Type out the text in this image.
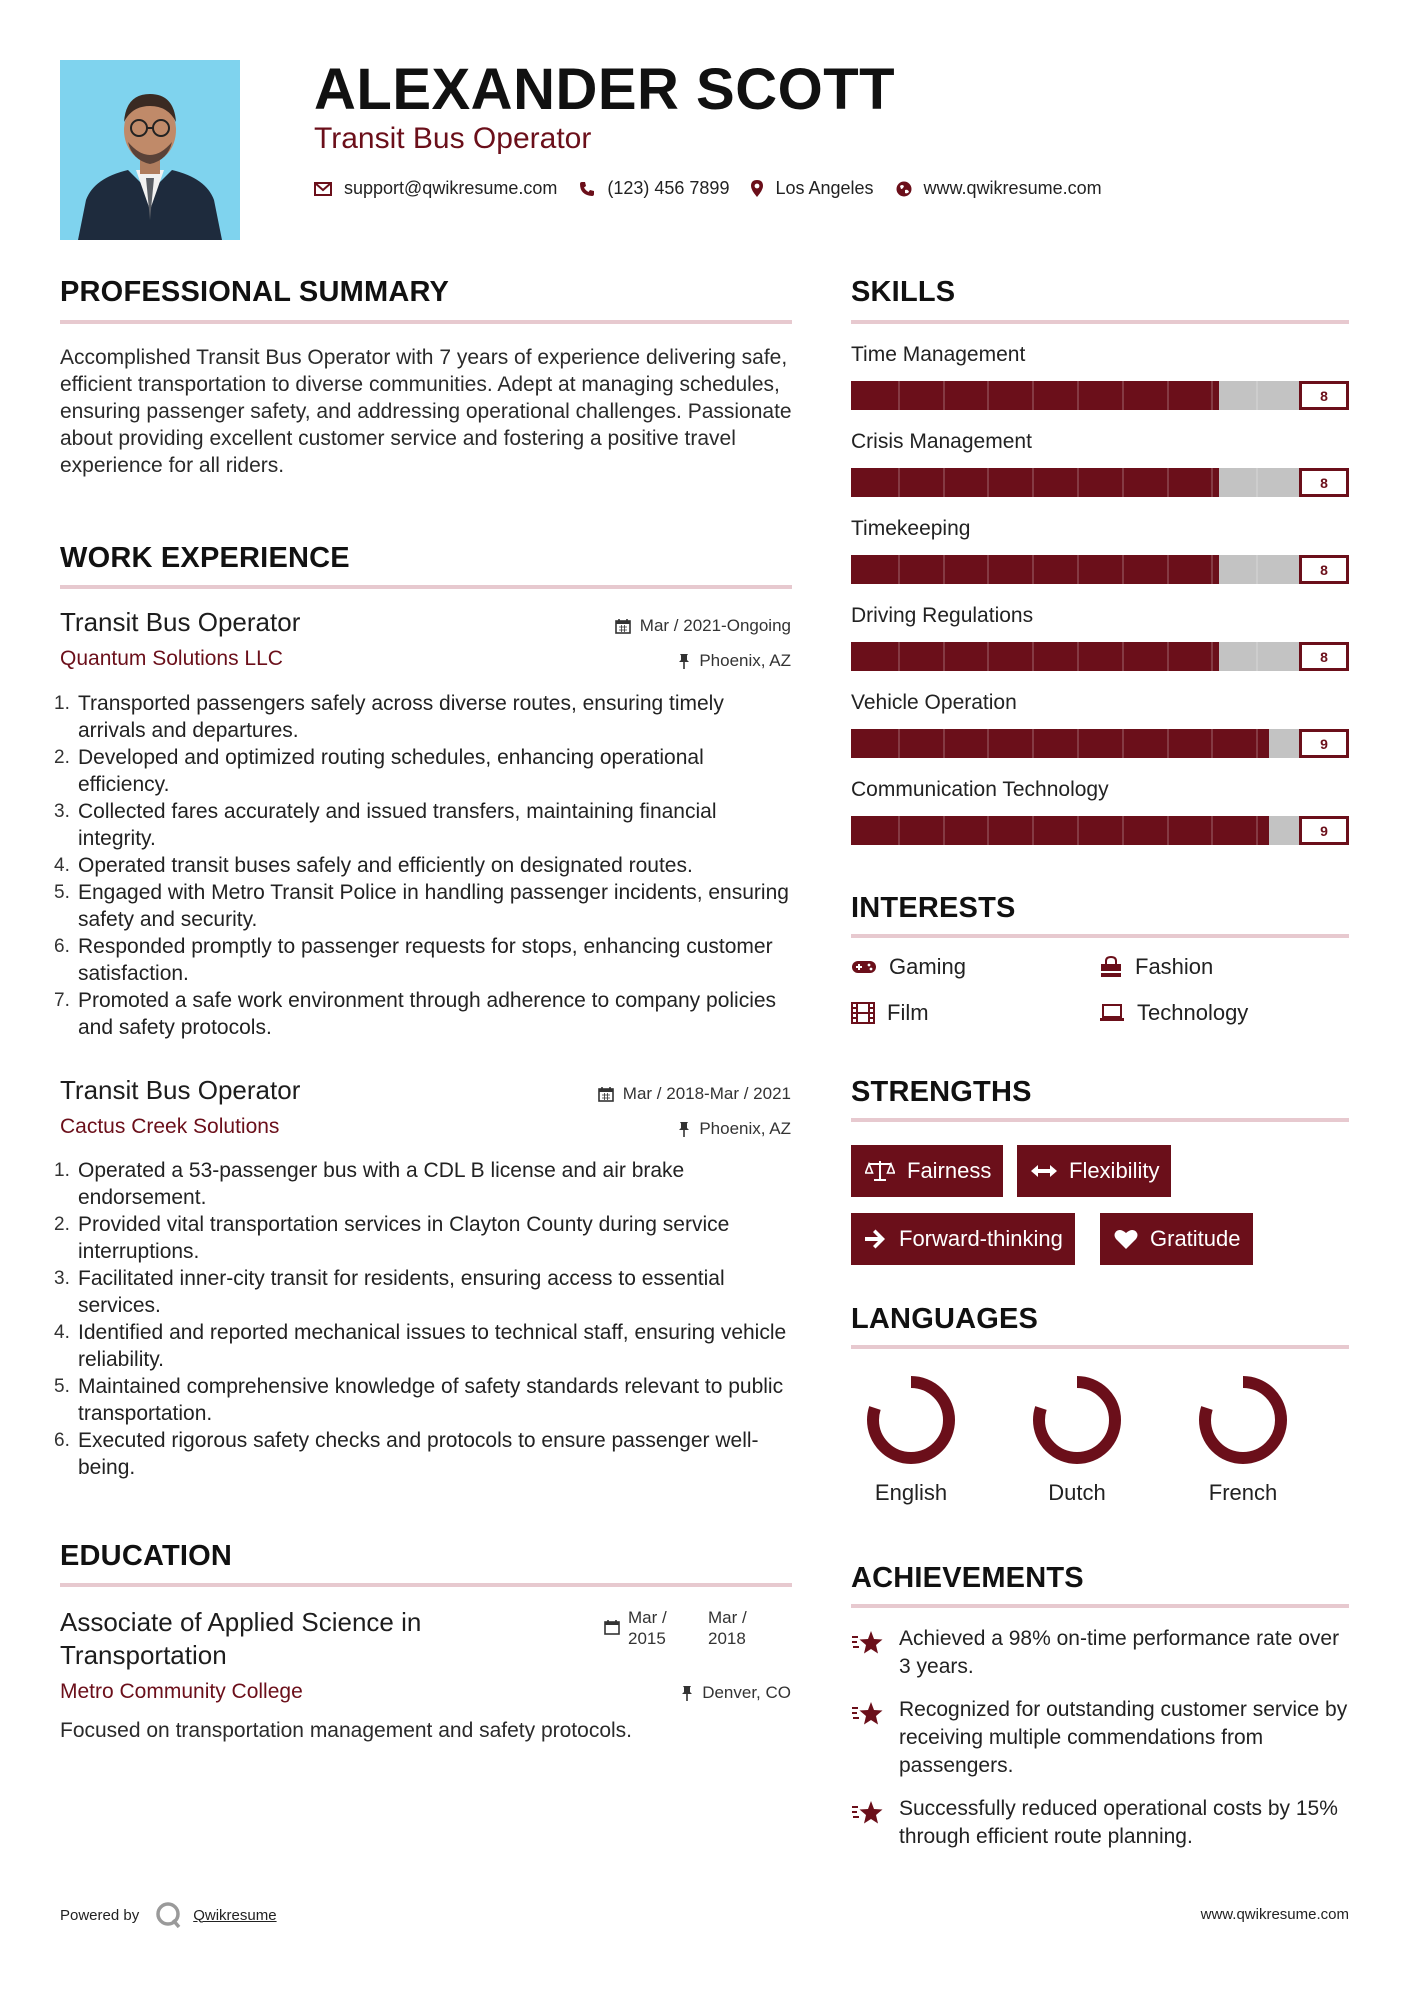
ALEXANDER SCOTT
Transit Bus Operator
support@qwikresume.com	(123) 456 7899	Los Angeles	www.qwikresume.com
PROFESSIONAL SUMMARY
Accomplished Transit Bus Operator with 7 years of experience delivering safe, efficient transportation to diverse communities. Adept at managing schedules, ensuring passenger safety, and addressing operational challenges. Passionate about providing excellent customer service and fostering a positive travel experience for all riders.
WORK EXPERIENCE
Transit Bus Operator	Mar / 2021-Ongoing
Quantum Solutions LLC	Phoenix, AZ
Transported passengers safely across diverse routes, ensuring timely arrivals and departures.
Developed and optimized routing schedules, enhancing operational efficiency.
Collected fares accurately and issued transfers, maintaining financial integrity.
Operated transit buses safely and efficiently on designated routes.
Engaged with Metro Transit Police in handling passenger incidents, ensuring safety and security.
Responded promptly to passenger requests for stops, enhancing customer satisfaction.
Promoted a safe work environment through adherence to company policies and safety protocols.
Transit Bus Operator	Mar / 2018-Mar / 2021
Cactus Creek Solutions	Phoenix, AZ
Operated a 53-passenger bus with a CDL B license and air brake endorsement.
Provided vital transportation services in Clayton County during service interruptions.
Facilitated inner-city transit for residents, ensuring access to essential services.
Identified and reported mechanical issues to technical staff, ensuring vehicle reliability.
Maintained comprehensive knowledge of safety standards relevant to public transportation.
Executed rigorous safety checks and protocols to ensure passenger well-being.
EDUCATION
Associate of Applied Science in Transportation
Mar / 2015
Mar / 2018
Metro Community College	Denver, CO
Focused on transportation management and safety protocols.
SKILLS
Time Management
8
Crisis Management
8
Timekeeping
8
Driving Regulations
8
Vehicle Operation
9
Communication Technology
9
INTERESTS
Gaming	Fashion
Film	Technology
STRENGTHS
Fairness	Flexibility
Forward-thinking	Gratitude
LANGUAGES
English	Dutch	French
ACHIEVEMENTS
Achieved a 98% on-time performance rate over 3 years.
Recognized for outstanding customer service by receiving multiple commendations from passengers.
Successfully reduced operational costs by 15% through efficient route planning.
Powered by	Qwikresume	www.qwikresume.com
